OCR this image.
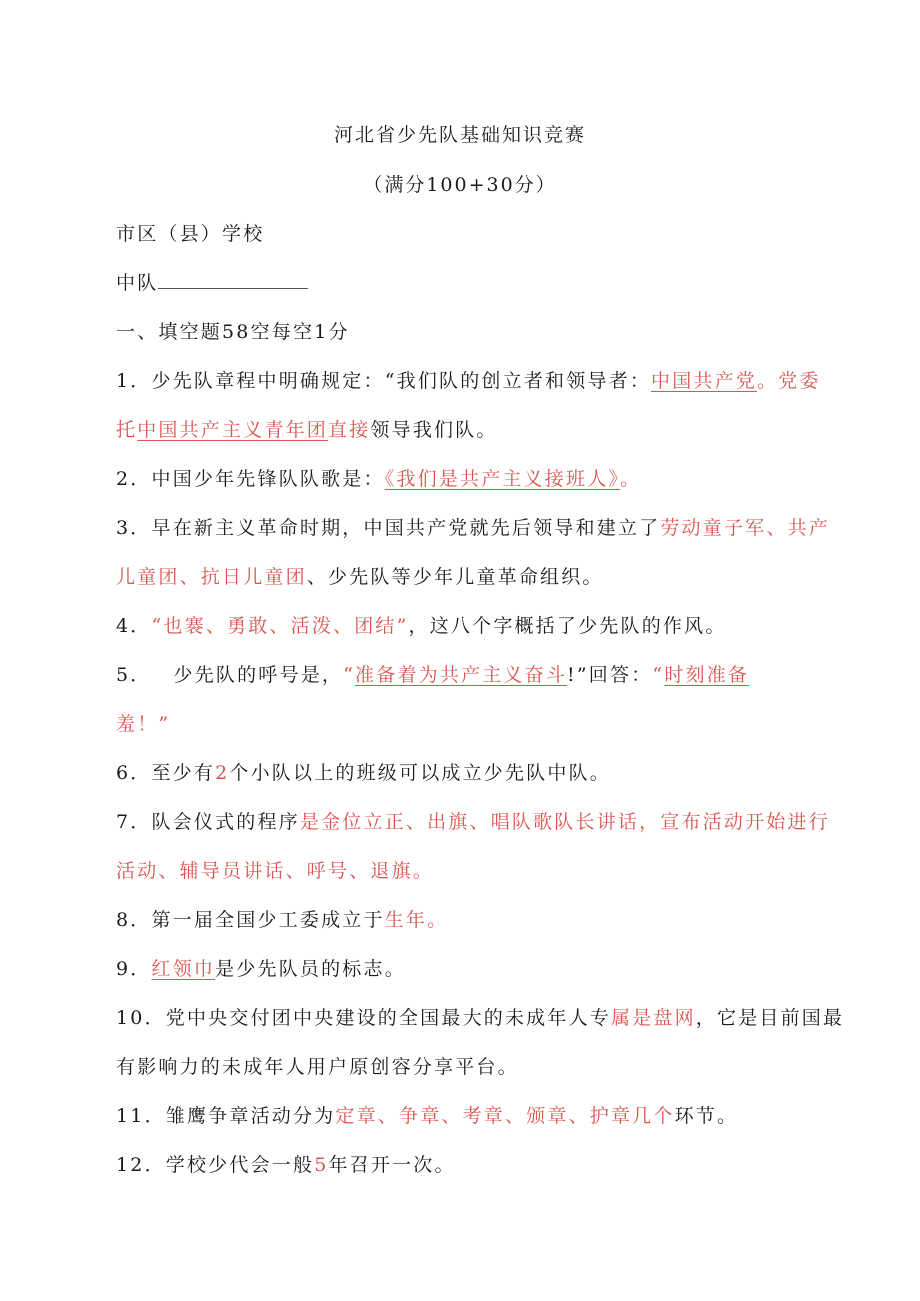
河北省少先队基础知识竞赛
（满分100+30分）
市区（县）学校
中队
一、填空题58空每空1分
1．少先队章程中明确规定：“我们队的创立者和领导者：中国共产党。党委
托中国共产主义青年团直接领导我们队。
2．中国少年先锋队队歌是：《我们是共产主义接班人》。
3．早在新主义革命时期，中国共产党就先后领导和建立了劳动童子军、共产
儿童团、抗日儿童团、少先队等少年儿童革命组织。
4．“也褰、勇敢、活泼、团结”，这八个字概括了少先队的作风。
5． 少先队的呼号是，“准备着为共产主义奋斗!”回答：“时刻准备
羞！”
6．至少有2个小队以上的班级可以成立少先队中队。
7．队会仪式的程序是金位立正、出旗、唱队歌队长讲话，宣布活动开始进行
活动、辅导员讲话、呼号、退旗。
8．第一届全国少工委成立于生年。
9．红领巾是少先队员的标志。
10．党中央交付团中央建设的全国最大的未成年人专属是盘网，它是目前国最
有影响力的未成年人用户原创容分享平台。
11．雏鹰争章活动分为定章、争章、考章、颁章、护章几个环节。
12．学校少代会一般5年召开一次。
